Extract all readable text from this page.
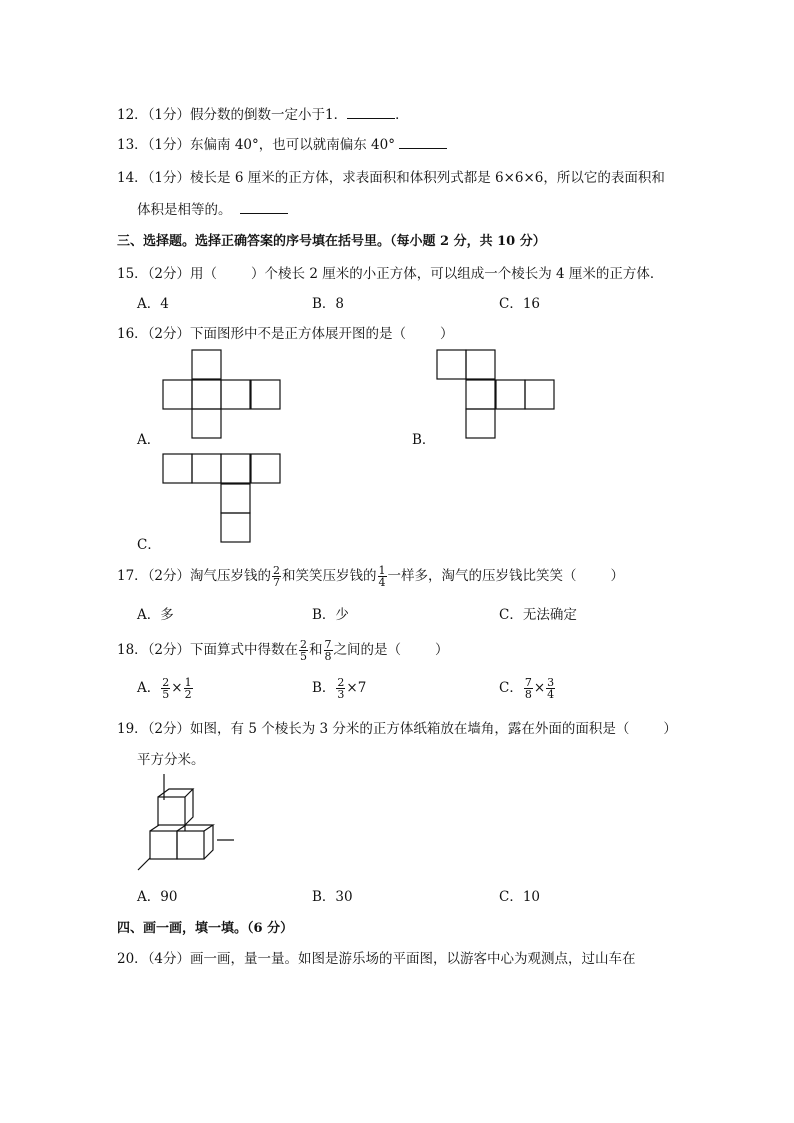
12．（1分）假分数的倒数一定小于1．	．
13．（1分）东偏南 40°，也可以就南偏东 40°
14．（1分）棱长是 6 厘米的正方体，求表面积和体积列式都是 6×6×6，所以它的表面积和
体积是相等的。
三、选择题。选择正确答案的序号填在括号里。（每小题 2 分，共 10 分）
15．（2分）用（	）个棱长 2 厘米的小正方体，可以组成一个棱长为 4 厘米的正方体．
A．4	B．8	C．16
16．（2分）下面图形中不是正方体展开图的是（	）
A．	B．
C．
17．（2分）淘气压岁钱的 $\frac{2}{7}$ 和笑笑压岁钱的 $\frac{1}{4}$ 一样多，淘气的压岁钱比笑笑（	）
A．多	B．少	C．无法确定
18．（2分）下面算式中得数在 $\frac{2}{5}$ 和 $\frac{7}{8}$ 之间的是（	）
A． $\frac{2}{5} \times \frac{1}{2}$	B． $\frac{2}{3} \times 7$	C． $\frac{7}{8} \times \frac{3}{4}$
19．（2分）如图，有 5 个棱长为 3 分米的正方体纸箱放在墙角，露在外面的面积是（	）
平方分米。
A．90	B．30	C．10
四、画一画，填一填。（6 分）
20．（4分）画一画，量一量。如图是游乐场的平面图，以游客中心为观测点，过山车在
